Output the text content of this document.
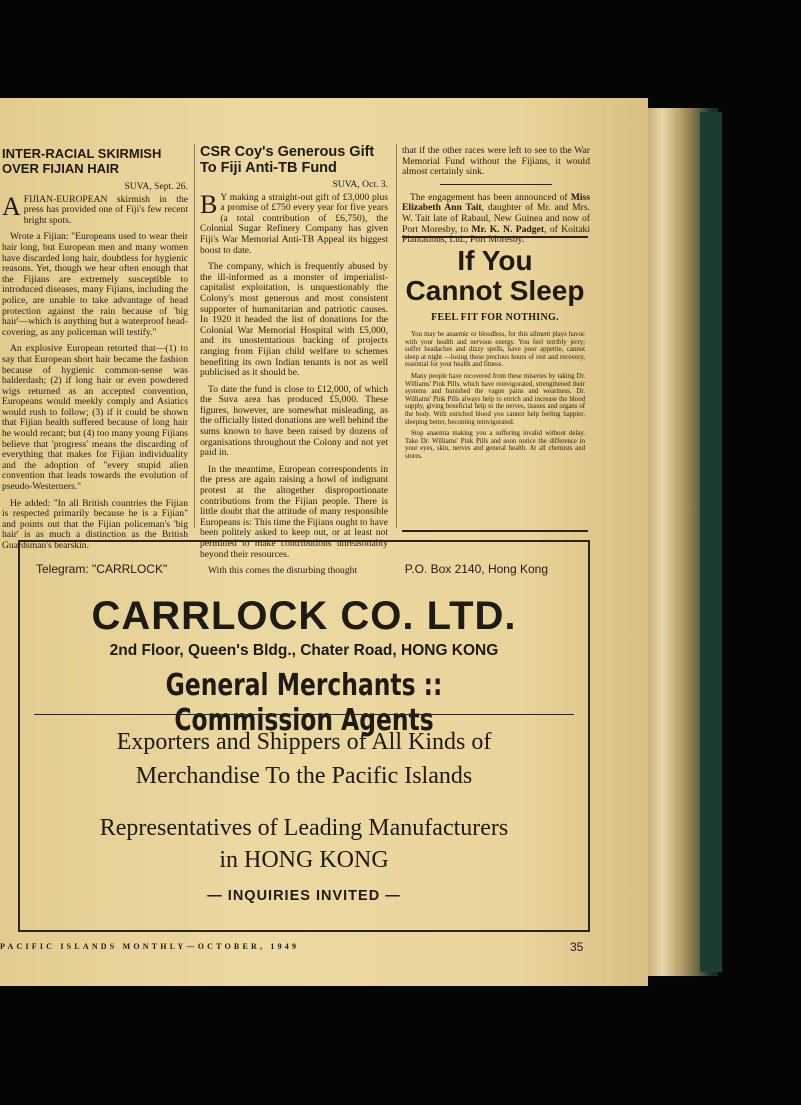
INTER-RACIAL SKIRMISH OVER FIJIAN HAIR
SUVA, Sept. 26.

AFIJIAN-EUROPEAN skirmish in the press has provided one of Fiji's few recent bright spots.

Wrote a Fijian: "Europeans used to wear their hair long, but European men and many women have discarded long hair, doubtless for hygienic reasons. Yet, though we hear often enough that the Fijians are extremely susceptible to introduced diseases, many Fijians, including the police, are unable to take advantage of head protection against the rain because of 'big hair'—which is anything but a waterproof head-covering, as any policeman will testify."

An explosive European retorted that—(1) to say that European short hair became the fashion because of hygienic common-sense was balderdash; (2) if long hair or even powdered wigs returned as an accepted convention, Europeans would meekly comply and Asiatics would rush to follow; (3) if it could be shown that Fijian health suffered because of long hair he would recant; but (4) too many young Fijians believe that 'progress' means the discarding of everything that makes for Fijian individuality and the adoption of "every stupid alien convention that leads towards the evolution of pseudo-Westerners."

He added: "In all British countries the Fijian is respected primarily because he is a Fijian" and points out that the Fijian policeman's 'big hair' is as much a distinction as the British Guardsman's bearskin.

CSR Coy's Generous Gift To Fiji Anti-TB Fund
SUVA, Oct. 3.

B Y making a straight-out gift of £3,000 plus a promise of £750 every year for five years (a total contribution of £6,750), the Colonial Sugar Refinery Company has given Fiji's War Memorial Anti-TB Appeal its biggest boost to date.

The company, which is frequently abused by the ill-informed as a monster of imperialist-capitalist exploitation, is unquestionably the Colony's most generous and most consistent supporter of humanitarian and patriotic causes. In 1920 it headed the list of donations for the Colonial War Memorial Hospital with £5,000, and its unostentatious backing of projects ranging from Fijian child welfare to schemes benefiting its own Indian tenants is not as well publicised as it should be.

To date the fund is close to £12,000, of which the Suva area has produced £5,000. These figures, however, are somewhat misleading, as the officially listed donations are well behind the sums known to have been raised by dozens of organisations throughout the Colony and not yet paid in.

In the meantime, European correspondents in the press are again raising a howl of indignant protest at the altogether disproportionate contributions from the Fijian people. There is little doubt that the attitude of many responsible Europeans is: This time the Fijians ought to have been politely asked to keep out, or at least not permitted to make contributions unreasonably beyond their resources.

With this comes the disturbing thought

that if the other races were left to see to the War Memorial Fund without the Fijians, it would almost certainly sink.

The engagement has been announced of Miss Elizabeth Ann Tait, daughter of Mr. and Mrs. W. Tait late of Rabaul, New Guinea and now of Port Moresby, to Mr. K. N. Padget, of Koitaki Plantations, Ltd., Port Moresby.

If You
Cannot Sleep
FEEL FIT FOR NOTHING.

You may be anaemic or bloodless, for this ailment plays havoc with your health and nervous energy. You feel terribly jerry; suffer headaches and dizzy spells, have poor appetite, cannot sleep at night —losing those precious hours of rest and recovery, essential for your health and fitness.

Many people have recovered from these miseries by taking Dr. Williams' Pink Pills, which have reinvigorated, strengthened their systems and banished the vague pains and weariness. Dr. Williams' Pink Pills always help to enrich and increase the blood supply, giving beneficial help to the nerves, tissues and organs of the body. With enriched blood you cannot help feeling happier, sleeping better, becoming reinvigorated.

Stop anaemia making you a suffering invalid without delay. Take Dr. Williams' Pink Pills and soon notice the difference in your eyes, skin, nerves and general health. At all chemists and stores.

Telegram: "CARRLOCK"	P.O. Box 2140, Hong Kong
CARRLOCK CO. LTD.
2nd Floor, Queen's Bldg., Chater Road, HONG KONG
General Merchants :: Commission Agents
Exporters and Shippers of All Kinds of
Merchandise To the Pacific Islands
Representatives of Leading Manufacturers
in HONG KONG
— INQUIRIES INVITED —
PACIFIC ISLANDS MONTHLY—OCTOBER, 1949	35
